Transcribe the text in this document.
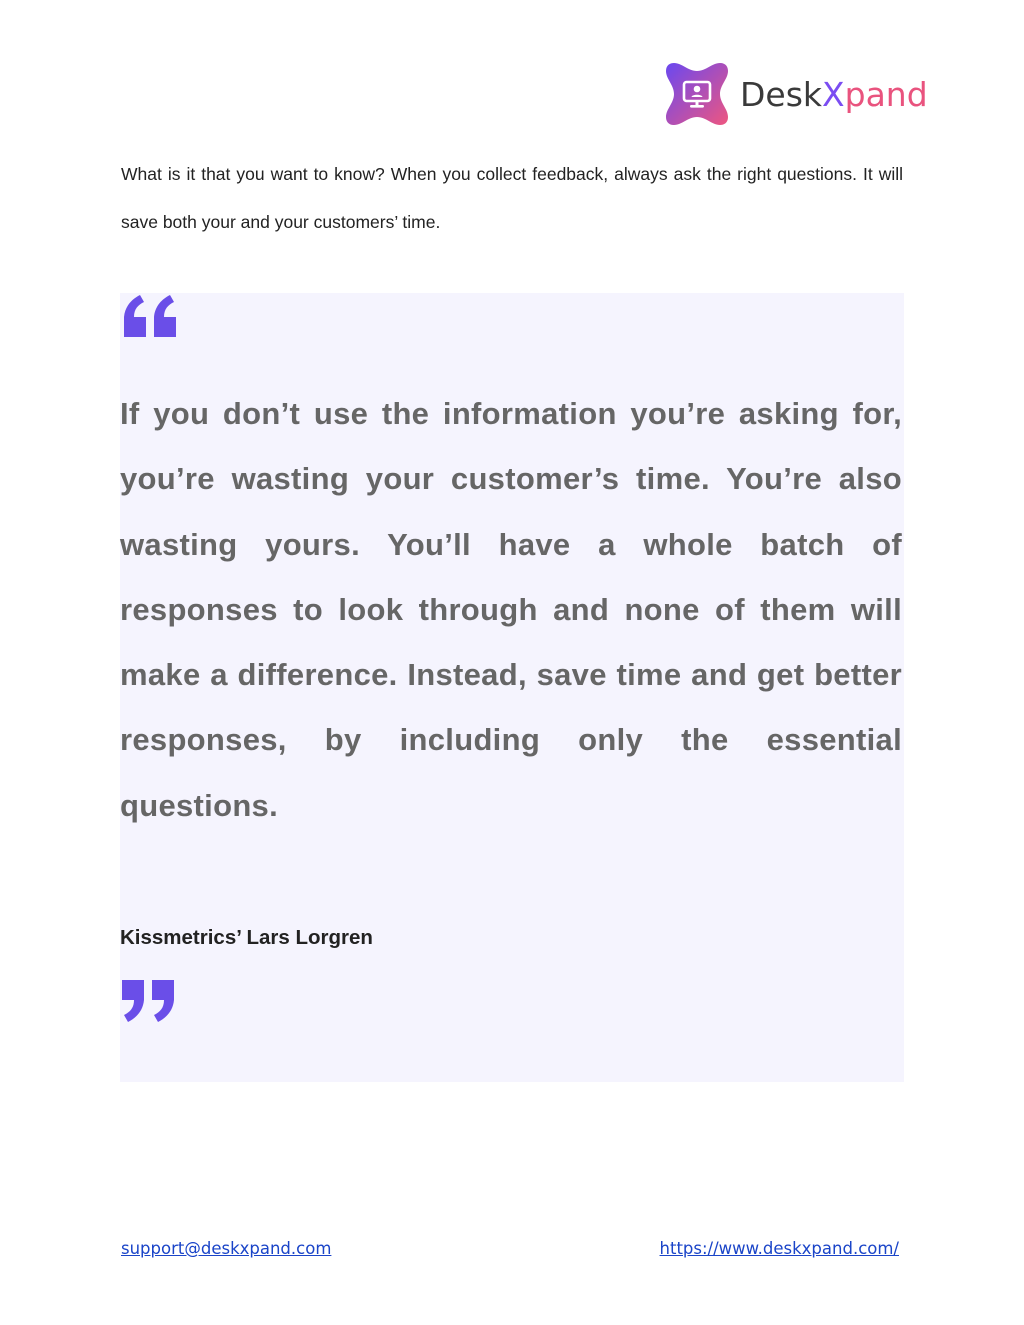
DeskXpand

What is it that you want to know? When you collect feedback, always ask the right questions. It will save both your and your customers’ time.

If you don’t use the information you’re asking for, you’re wasting your customer’s time. You’re also wasting yours. You’ll have a whole batch of responses to look through and none of them will make a difference. Instead, save time and get better responses, by including only the essential questions.

Kissmetrics’ Lars Lorgren
support@deskxpand.com	https://www.deskxpand.com/
